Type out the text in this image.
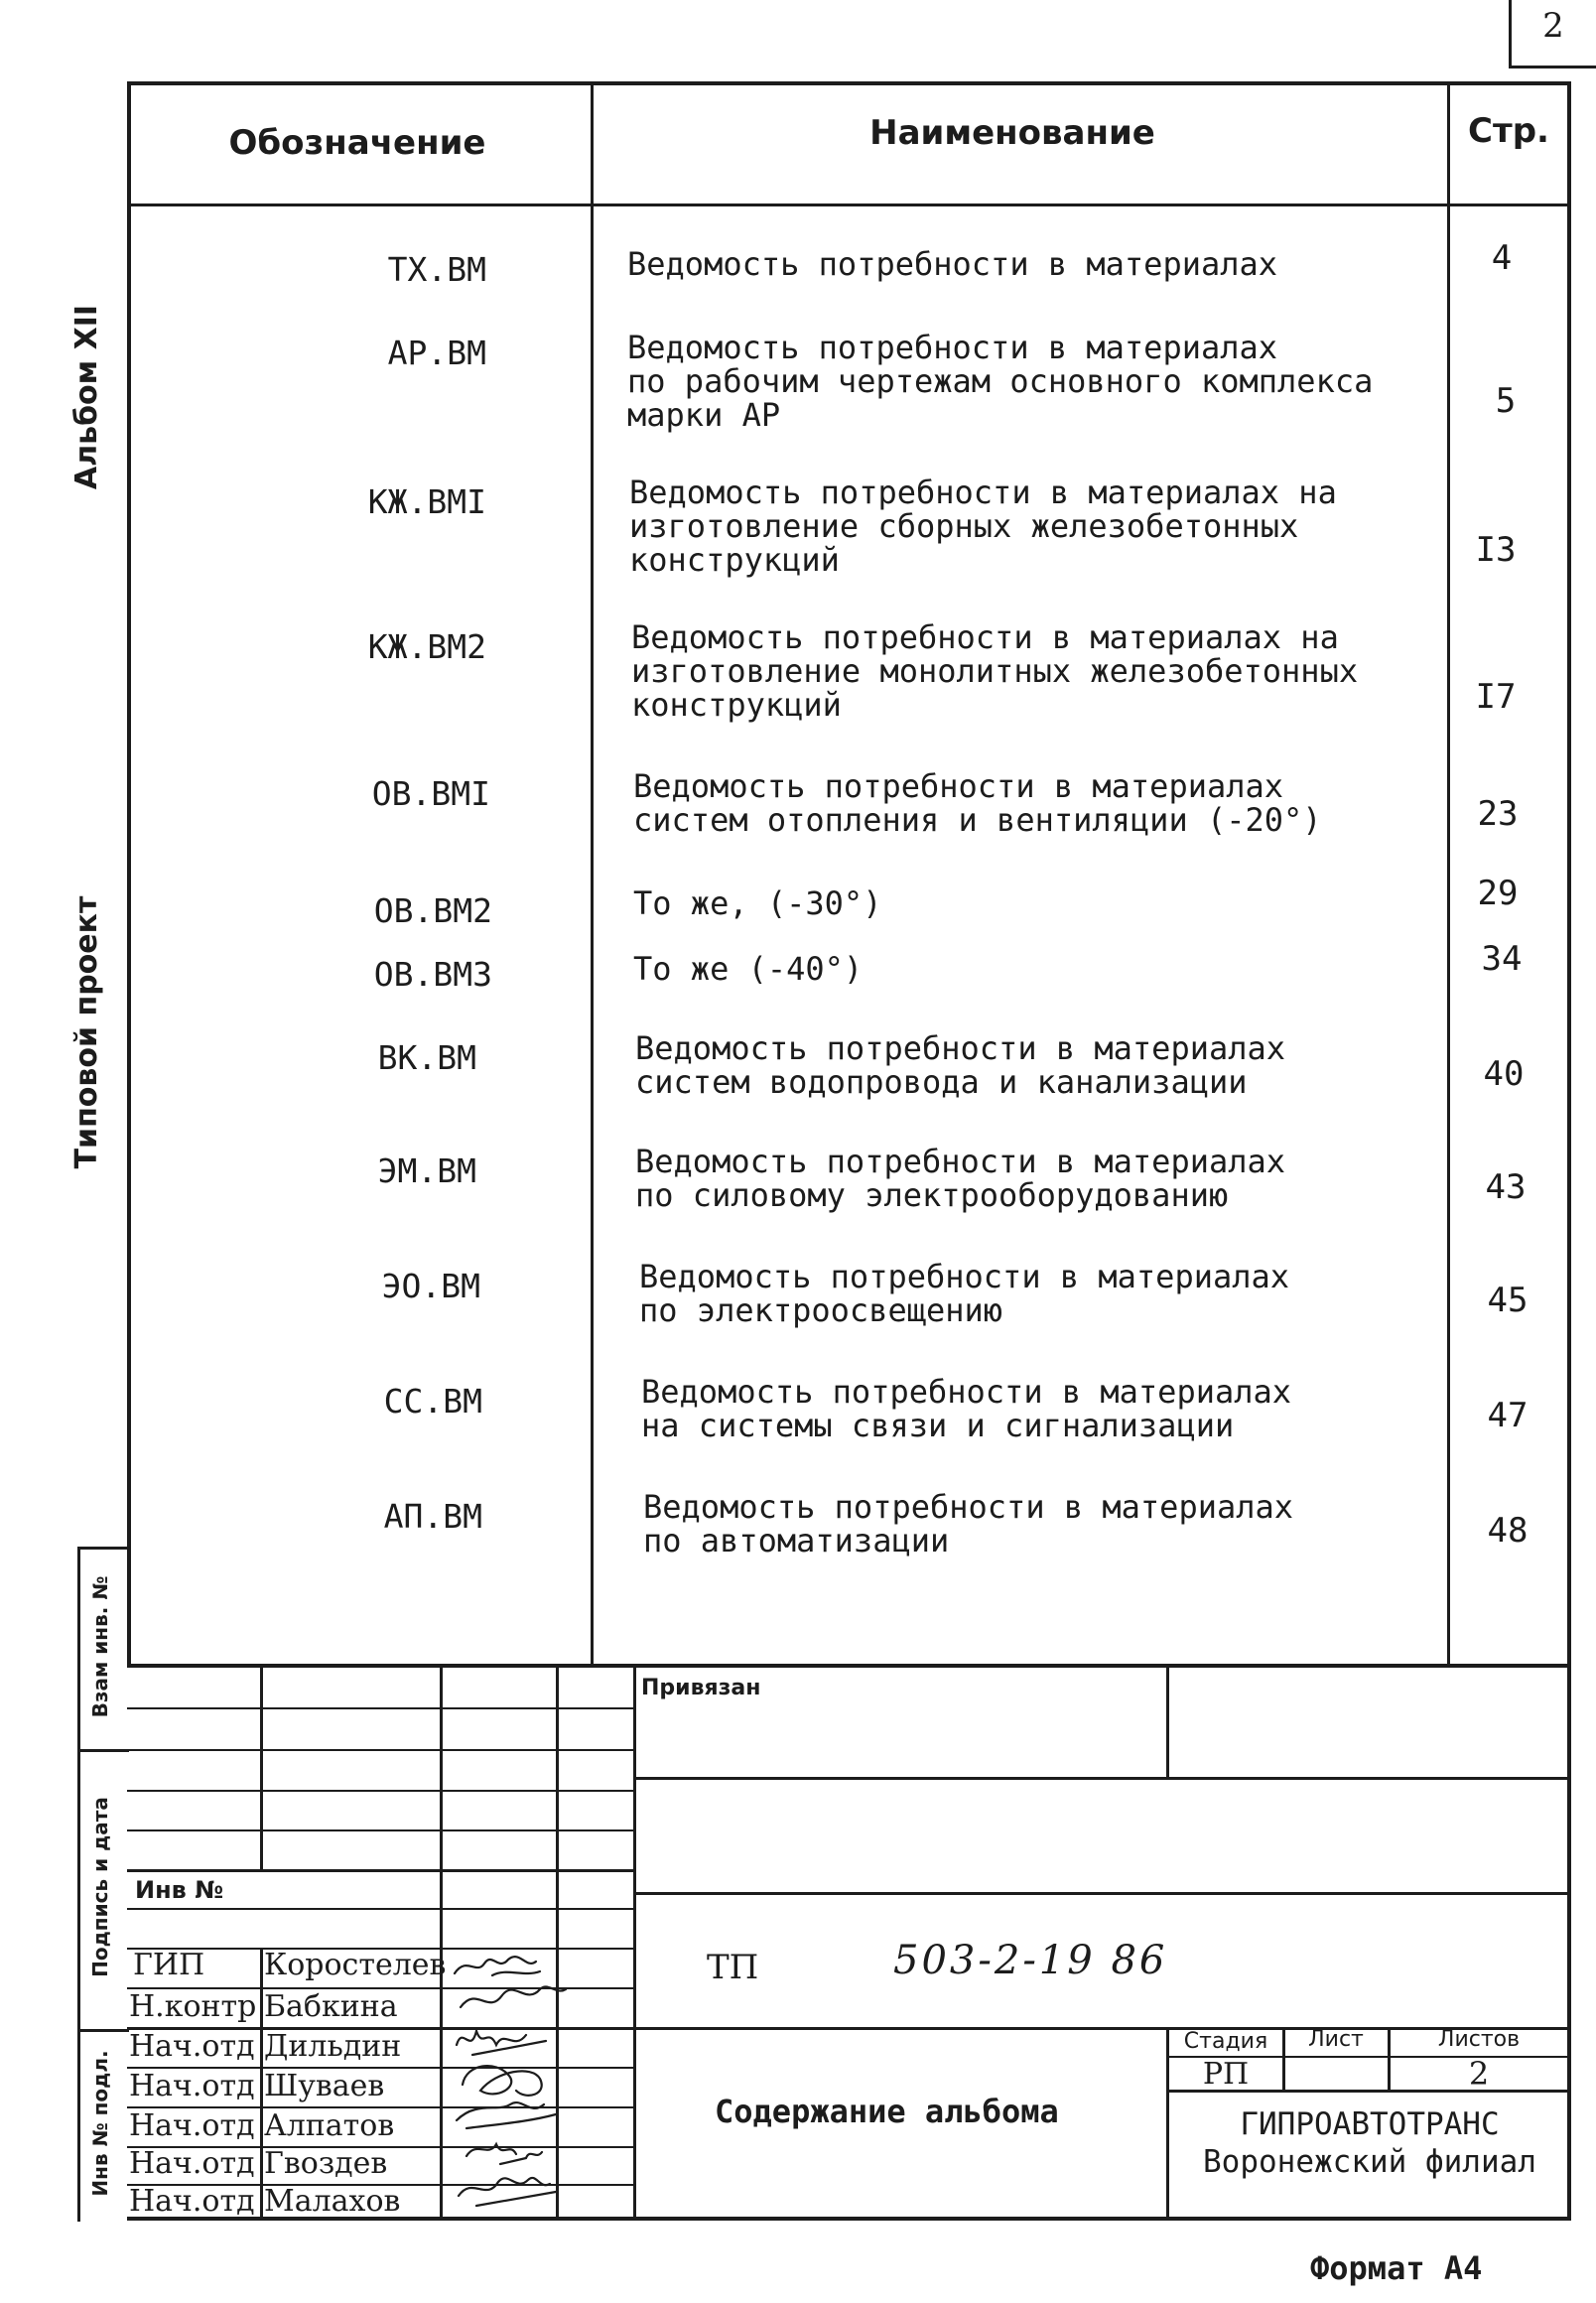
2
Обозначение	Наименование	Стр.
ТХ.ВМ	Ведомость потребности в материалах	4
АР.ВМ	Ведомость потребности в материалах
по рабочим чертежам основного комплекса
марки АР	5
КЖ.ВМI	Ведомость потребности в материалах на
изготовление сборных железобетонных
конструкций	I3
КЖ.ВМ2	Ведомость потребности в материалах на
изготовление монолитных железобетонных
конструкций	I7
ОВ.ВМI	Ведомость потребности в материалах
систем отопления и вентиляции (-20°)	23
ОВ.ВМ2	То же, (-30°)	29
ОВ.ВМ3	То же (-40°)	34
ВК.ВМ	Ведомость потребности в материалах
систем водопровода и канализации	40
ЭМ.ВМ	Ведомость потребности в материалах
по силовому электрооборудованию	43
ЭО.ВМ	Ведомость потребности в материалах
по электроосвещению	45
СС.ВМ	Ведомость потребности в материалах
на системы связи и сигнализации	47
АП.ВМ	Ведомость потребности в материалах
по автоматизации	48
Альбом XII
Типовой проект
Взам инв. №
Подпись и дата
Инв № подл.
Привязан
Инв №
ТП	503-2-19 86
Содержание альбома
Стадия	Лист	Листов
РП	2
ГИПРОАВТОТРАНС
Воронежский филиал
ГИП Коростелев
Н.контр Бабкина
Нач.отд Дильдин
Нач.отд Шуваев
Нач.отд Алпатов
Нач.отд Гвоздев
Нач.отд Малахов
Формат А4
